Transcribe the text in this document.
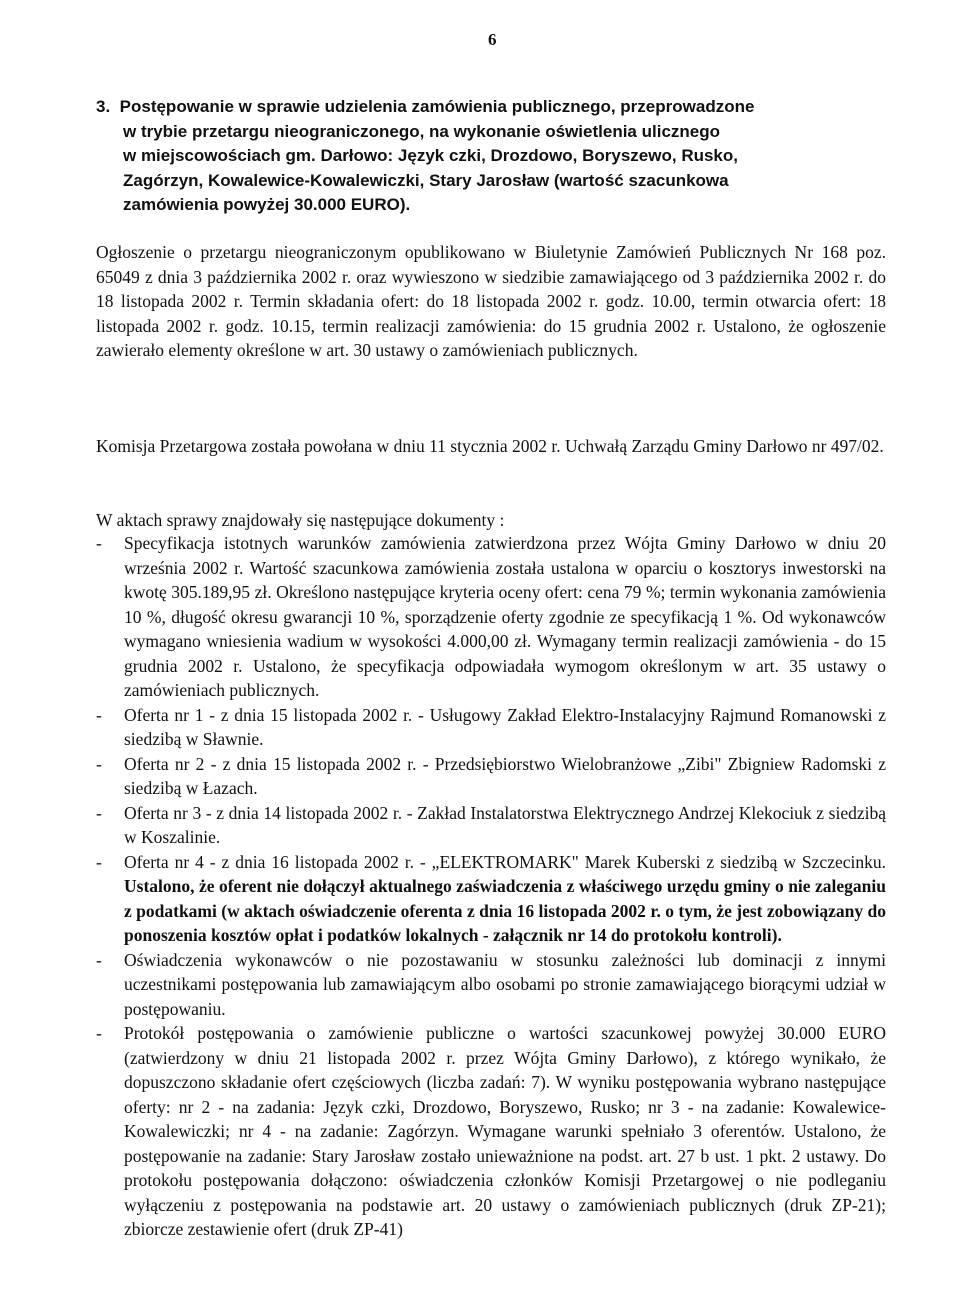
6
3. Postępowanie w sprawie udzielenia zamówienia publicznego, przeprowadzone
w trybie przetargu nieograniczonego, na wykonanie oświetlenia ulicznego
w miejscowościach gm. Darłowo: Język czki, Drozdowo, Boryszewo, Rusko,
Zagórzyn, Kowalewice-Kowalewiczki, Stary Jarosław (wartość szacunkowa
zamówienia powyżej 30.000 EURO).
Ogłoszenie o przetargu nieograniczonym opublikowano w Biuletynie Zamówień Publicznych Nr 168 poz. 65049 z dnia 3 października 2002 r. oraz wywieszono w siedzibie zamawiającego od 3 października 2002 r. do 18 listopada 2002 r. Termin składania ofert: do 18 listopada 2002 r. godz. 10.00, termin otwarcia ofert: 18 listopada 2002 r. godz. 10.15, termin realizacji zamówienia: do 15 grudnia 2002 r. Ustalono, że ogłoszenie zawierało elementy określone w art. 30 ustawy o zamówieniach publicznych.
Komisja Przetargowa została powołana w dniu 11 stycznia 2002 r. Uchwałą Zarządu Gminy Darłowo nr 497/02.
W aktach sprawy znajdowały się następujące dokumenty :
-	Specyfikacja istotnych warunków zamówienia zatwierdzona przez Wójta Gminy Darłowo w dniu 20 września 2002 r. Wartość szacunkowa zamówienia została ustalona w oparciu o kosztorys inwestorski na kwotę 305.189,95 zł. Określono następujące kryteria oceny ofert: cena 79 %; termin wykonania zamówienia 10 %, długość okresu gwarancji 10 %, sporządzenie oferty zgodnie ze specyfikacją 1 %. Od wykonawców wymagano wniesienia wadium w wysokości 4.000,00 zł. Wymagany termin realizacji zamówienia - do 15 grudnia 2002 r. Ustalono, że specyfikacja odpowiadała wymogom określonym w art. 35 ustawy o zamówieniach publicznych.
-	Oferta nr 1 - z dnia 15 listopada 2002 r. - Usługowy Zakład Elektro-Instalacyjny Rajmund Romanowski z siedzibą w Sławnie.
-	Oferta nr 2 - z dnia 15 listopada 2002 r. - Przedsiębiorstwo Wielobranżowe „Zibi" Zbigniew Radomski z siedzibą w Łazach.
-	Oferta nr 3 - z dnia 14 listopada 2002 r. - Zakład Instalatorstwa Elektrycznego Andrzej Klekociuk z siedzibą w Koszalinie.
-	Oferta nr 4 - z dnia 16 listopada 2002 r. - „ELEKTROMARK" Marek Kuberski z siedzibą w Szczecinku. Ustalono, że oferent nie dołączył aktualnego zaświadczenia z właściwego urzędu gminy o nie zaleganiu z podatkami (w aktach oświadczenie oferenta z dnia 16 listopada 2002 r. o tym, że jest zobowiązany do ponoszenia kosztów opłat i podatków lokalnych - załącznik nr 14 do protokołu kontroli).
-	Oświadczenia wykonawców o nie pozostawaniu w stosunku zależności lub dominacji z innymi uczestnikami postępowania lub zamawiającym albo osobami po stronie zamawiającego biorącymi udział w postępowaniu.
-	Protokół postępowania o zamówienie publiczne o wartości szacunkowej powyżej 30.000 EURO (zatwierdzony w dniu 21 listopada 2002 r. przez Wójta Gminy Darłowo), z którego wynikało, że dopuszczono składanie ofert częściowych (liczba zadań: 7). W wyniku postępowania wybrano następujące oferty: nr 2 - na zadania: Język czki, Drozdowo, Boryszewo, Rusko; nr 3 - na zadanie: Kowalewice-Kowalewiczki; nr 4 - na zadanie: Zagórzyn. Wymagane warunki spełniało 3 oferentów. Ustalono, że postępowanie na zadanie: Stary Jarosław zostało unieważnione na podst. art. 27 b ust. 1 pkt. 2 ustawy. Do protokołu postępowania dołączono: oświadczenia członków Komisji Przetargowej o nie podleganiu wyłączeniu z postępowania na podstawie art. 20 ustawy o zamówieniach publicznych (druk ZP-21); zbiorcze zestawienie ofert (druk ZP-41)
